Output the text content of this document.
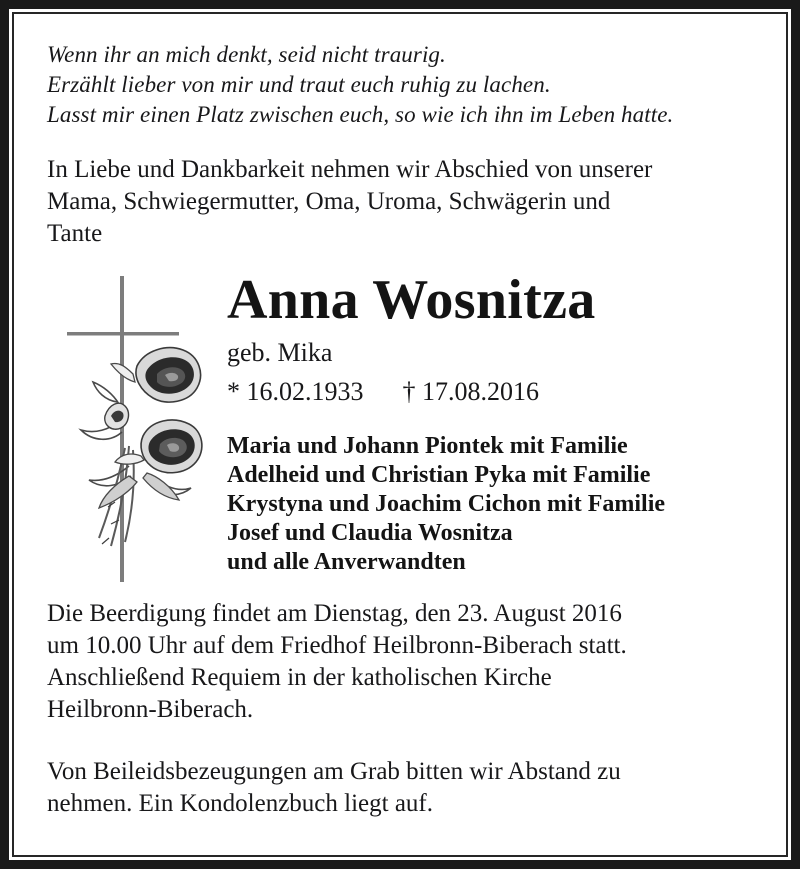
Wenn ihr an mich denkt, seid nicht traurig.
Erzählt lieber von mir und traut euch ruhig zu lachen.
Lasst mir einen Platz zwischen euch, so wie ich ihn im Leben hatte.
In Liebe und Dankbarkeit nehmen wir Abschied von unserer
Mama, Schwiegermutter, Oma, Uroma, Schwägerin und
Tante
Anna Wosnitza
geb. Mika
* 16.02.1933 † 17.08.2016
Maria und Johann Piontek mit Familie
Adelheid und Christian Pyka mit Familie
Krystyna und Joachim Cichon mit Familie
Josef und Claudia Wosnitza
und alle Anverwandten
Die Beerdigung findet am Dienstag, den 23. August 2016
um 10.00 Uhr auf dem Friedhof Heilbronn-Biberach statt.
Anschließend Requiem in der katholischen Kirche
Heilbronn-Biberach.
Von Beileidsbezeugungen am Grab bitten wir Abstand zu
nehmen. Ein Kondolenzbuch liegt auf.
